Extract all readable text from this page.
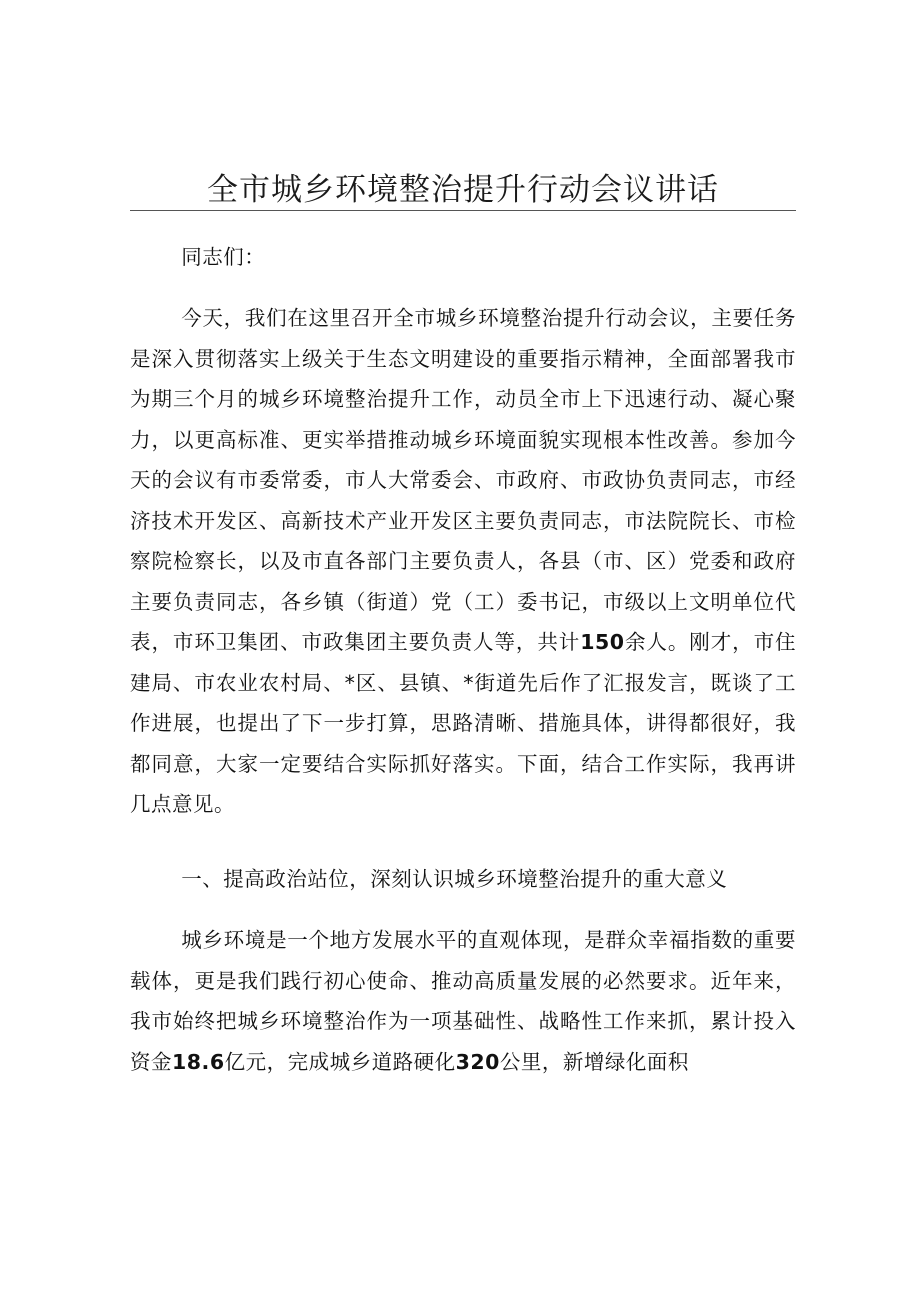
全市城乡环境整治提升行动会议讲话

同志们：

今天，我们在这里召开全市城乡环境整治提升行动会议，主要任务是深入贯彻落实上级关于生态文明建设的重要指示精神，全面部署我市为期三个月的城乡环境整治提升工作，动员全市上下迅速行动、凝心聚力，以更高标准、更实举措推动城乡环境面貌实现根本性改善。参加今天的会议有市委常委，市人大常委会、市政府、市政协负责同志，市经济技术开发区、高新技术产业开发区主要负责同志，市法院院长、市检察院检察长，以及市直各部门主要负责人，各县（市、区）党委和政府主要负责同志，各乡镇（街道）党（工）委书记，市级以上文明单位代表，市环卫集团、市政集团主要负责人等，共计150余人。刚才，市住建局、市农业农村局、*区、县镇、*街道先后作了汇报发言，既谈了工作进展，也提出了下一步打算，思路清晰、措施具体，讲得都很好，我都同意，大家一定要结合实际抓好落实。下面，结合工作实际，我再讲几点意见。

一、提高政治站位，深刻认识城乡环境整治提升的重大意义

城乡环境是一个地方发展水平的直观体现，是群众幸福指数的重要载体，更是我们践行初心使命、推动高质量发展的必然要求。近年来，我市始终把城乡环境整治作为一项基础性、战略性工作来抓，累计投入资金18.6亿元，完成城乡道路硬化320公里，新增绿化面积
